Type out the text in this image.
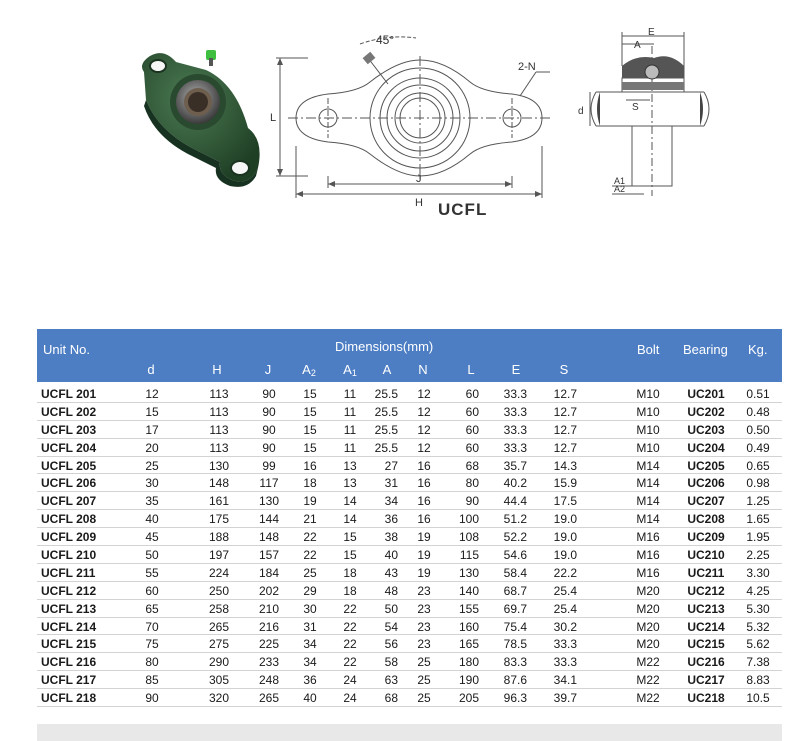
45°
2-N
L
J
H UCFL
E
A
d	S
A1
A2
Unit No.	Dimensions(mm)	Bolt Bearing Kg.
d	H	J A2 A1 A N	L	E	S
UCFL 201	12	113	90 15 11 25.5 12	60 33.3 12.7	M10 UC201 0.51
UCFL 202	15	113	90 15 11 25.5 12	60 33.3 12.7	M10 UC202 0.48
UCFL 203	17	113	90 15 11 25.5 12	60 33.3 12.7	M10 UC203 0.50
UCFL 204	20	113	90 15 11 25.5 12	60 33.3 12.7	M10 UC204 0.49
UCFL 205	25	130	99 16 13 27 16	68 35.7 14.3	M14 UC205 0.65
UCFL 206	30	148	117 18 13 31 16	80 40.2 15.9	M14 UC206 0.98
UCFL 207	35	161 130 19 14 34 16	90 44.4 17.5	M14 UC207 1.25
UCFL 208	40	175 144 21 14 36 16 100 51.2 19.0	M14 UC208 1.65
UCFL 209	45	188 148 22 15 38 19 108 52.2 19.0	M16 UC209 1.95
UCFL 210	50	197 157 22 15 40 19 115 54.6 19.0	M16 UC210 2.25
UCFL 211	55	224 184 25 18 43 19 130 58.4 22.2	M16 UC211 3.30
UCFL 212	60	250 202 29 18 48 23 140 68.7 25.4	M20 UC212 4.25
UCFL 213	65	258 210 30 22 50 23 155 69.7 25.4	M20 UC213 5.30
UCFL 214	70	265 216 31 22 54 23 160 75.4 30.2	M20 UC214 5.32
UCFL 215	75	275 225 34 22 56 23 165 78.5 33.3	M20 UC215 5.62
UCFL 216	80	290 233 34 22 58 25 180 83.3 33.3	M22 UC216 7.38
UCFL 217	85	305 248 36 24 63 25 190 87.6 34.1	M22 UC217 8.83
UCFL 218	90	320 265 40 24 68 25 205 96.3 39.7	M22 UC218 10.5
